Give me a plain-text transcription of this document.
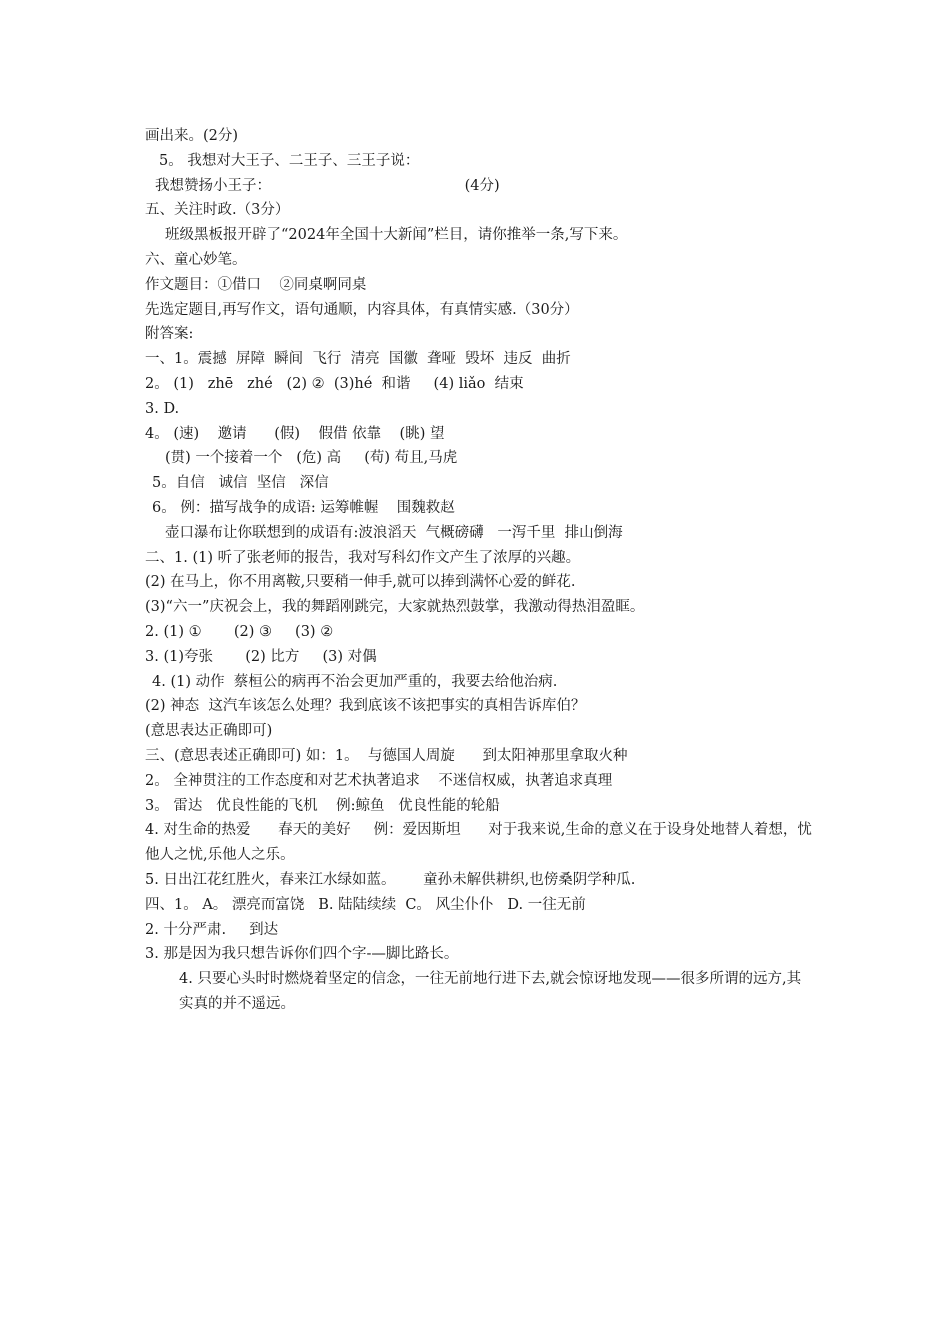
画出来。(2分)
5。 我想对大王子、二王子、三王子说：
我想赞扬小王子：                                          (4分)
五、关注时政.（3分）
班级黑板报开辟了“2024年全国十大新闻”栏目，请你推举一条,写下来。
六、童心妙笔。
作文题目：①借口    ②同桌啊同桌
先选定题目,再写作文，语句通顺，内容具体，有真情实感.（30分）
附答案:
一、1。震撼  屏障  瞬间  飞行  清亮  国徽  聋哑  毁坏  违反  曲折
2。 (1)   zhē   zhé   (2) ②  (3)hé  和谐     (4) liǎo  结束
3. D.
4。 (速)    邀请      (假)    假借 依靠    (眺) 望
(贯) 一个接着一个   (危) 高     (苟) 苟且,马虎
5。自信   诚信  坚信   深信
6。 例：描写战争的成语: 运筹帷幄    围魏救赵
壶口瀑布让你联想到的成语有:波浪滔天  气概磅礴   一泻千里  排山倒海
二、1. (1) 听了张老师的报告，我对写科幻作文产生了浓厚的兴趣。
(2) 在马上，你不用离鞍,只要稍一伸手,就可以捧到满怀心爱的鲜花.
(3)“六一”庆祝会上，我的舞蹈刚跳完，大家就热烈鼓掌，我激动得热泪盈眶。
2. (1) ①       (2) ③     (3) ②
3. (1)夸张       (2) 比方     (3) 对偶
4. (1) 动作  蔡桓公的病再不治会更加严重的，我要去给他治病.
(2) 神态  这汽车该怎么处理？我到底该不该把事实的真相告诉库伯？
(意思表达正确即可)
三、(意思表述正确即可) 如：1。  与德国人周旋      到太阳神那里拿取火种
2。 全神贯注的工作态度和对艺术执著追求    不迷信权威，执著追求真理
3。 雷达   优良性能的飞机    例:鲸鱼   优良性能的轮船
4. 对生命的热爱      春天的美好     例：爱因斯坦      对于我来说,生命的意义在于设身处地替人着想，忧他人之忧,乐他人之乐。
5. 日出江花红胜火，春来江水绿如蓝。      童孙未解供耕织,也傍桑阴学种瓜.
四、1。 A。 漂亮而富饶   B. 陆陆续续  C。 风尘仆仆   D. 一往无前
2. 十分严肃.     到达
3. 那是因为我只想告诉你们四个字-—脚比路长。
4. 只要心头时时燃烧着坚定的信念，一往无前地行进下去,就会惊讶地发现——很多所谓的远方,其实真的并不遥远。
